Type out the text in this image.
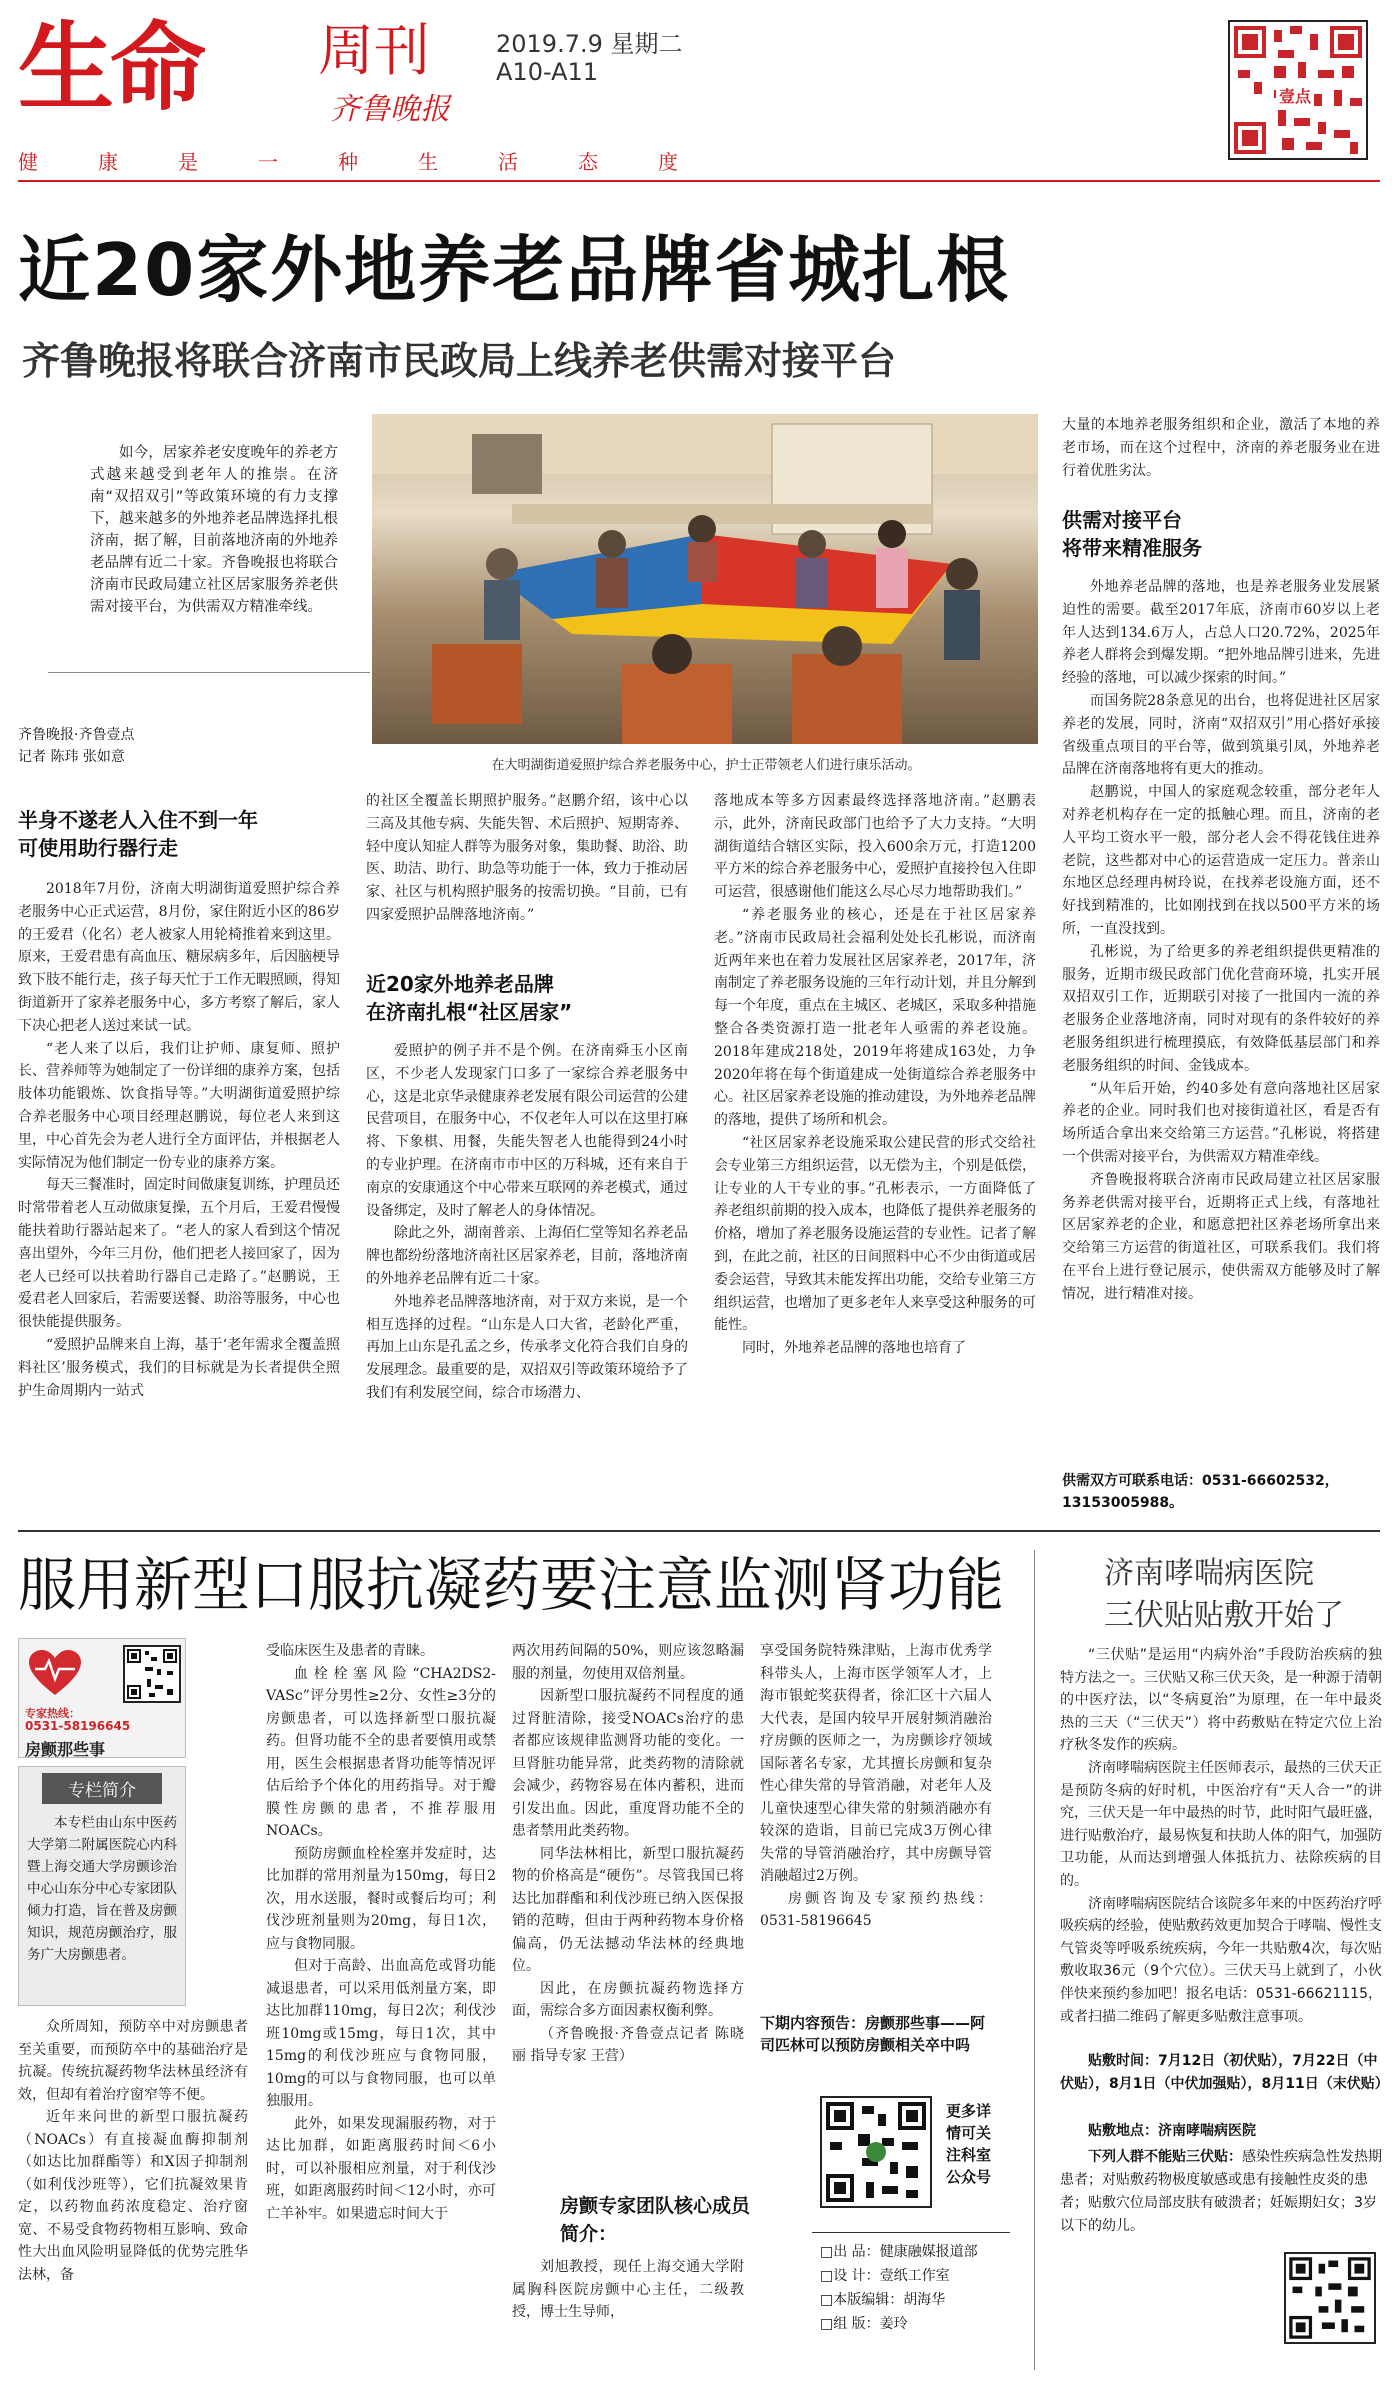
生命 周刊
齐鲁晚报
2019.7.9 星期二
A10-A11
健	康	是	一	种	生	活	态	度
壹点
近20家外地养老品牌省城扎根
齐鲁晚报将联合济南市民政局上线养老供需对接平台

如今，居家养老安度晚年的养老方式越来越受到老年人的推崇。在济南“双招双引”等政策环境的有力支撑下，越来越多的外地养老品牌选择扎根济南，据了解，目前落地济南的外地养老品牌有近二十家。齐鲁晚报也将联合济南市民政局建立社区居家服务养老供需对接平台，为供需双方精准牵线。

齐鲁晚报·齐鲁壹点
记者 陈玮 张如意
在大明湖街道爱照护综合养老服务中心，护士正带领老人们进行康乐活动。
半身不遂老人入住不到一年
可使用助行器行走

2018年7月份，济南大明湖街道爱照护综合养老服务中心正式运营，8月份，家住附近小区的86岁的王爱君（化名）老人被家人用轮椅推着来到这里。原来，王爱君患有高血压、糖尿病多年，后因脑梗导致下肢不能行走，孩子每天忙于工作无暇照顾，得知街道新开了家养老服务中心，多方考察了解后，家人下决心把老人送过来试一试。

“老人来了以后，我们让护师、康复师、照护长、营养师等为她制定了一份详细的康养方案，包括肢体功能锻炼、饮食指导等。”大明湖街道爱照护综合养老服务中心项目经理赵鹏说，每位老人来到这里，中心首先会为老人进行全方面评估，并根据老人实际情况为他们制定一份专业的康养方案。

每天三餐准时，固定时间做康复训练，护理员还时常带着老人互动做康复操，五个月后，王爱君慢慢能扶着助行器站起来了。“老人的家人看到这个情况喜出望外，今年三月份，他们把老人接回家了，因为老人已经可以扶着助行器自己走路了。”赵鹏说，王爱君老人回家后，若需要送餐、助浴等服务，中心也很快能提供服务。

“爱照护品牌来自上海，基于‘老年需求全覆盖照料社区’服务模式，我们的目标就是为长者提供全照护生命周期内一站式

的社区全覆盖长期照护服务。”赵鹏介绍，该中心以三高及其他专病、失能失智、术后照护、短期寄养、轻中度认知症人群等为服务对象，集助餐、助浴、助医、助洁、助行、助急等功能于一体，致力于推动居家、社区与机构照护服务的按需切换。“目前，已有四家爱照护品牌落地济南。”

近20家外地养老品牌
在济南扎根“社区居家”

爱照护的例子并不是个例。在济南舜玉小区南区，不少老人发现家门口多了一家综合养老服务中心，这是北京华录健康养老发展有限公司运营的公建民营项目，在服务中心，不仅老年人可以在这里打麻将、下象棋、用餐，失能失智老人也能得到24小时的专业护理。在济南市市中区的万科城，还有来自于南京的安康通这个中心带来互联网的养老模式，通过设备绑定，及时了解老人的身体情况。

除此之外，湖南普亲、上海佰仁堂等知名养老品牌也都纷纷落地济南社区居家养老，目前，落地济南的外地养老品牌有近二十家。

外地养老品牌落地济南，对于双方来说，是一个相互选择的过程。“山东是人口大省，老龄化严重，再加上山东是孔孟之乡，传承孝文化符合我们自身的发展理念。最重要的是，双招双引等政策环境给予了我们有利发展空间，综合市场潜力、

落地成本等多方因素最终选择落地济南。”赵鹏表示，此外，济南民政部门也给予了大力支持。“大明湖街道结合辖区实际，投入600余万元，打造1200平方米的综合养老服务中心，爱照护直接拎包入住即可运营，很感谢他们能这么尽心尽力地帮助我们。”

“养老服务业的核心，还是在于社区居家养老。”济南市民政局社会福利处处长孔彬说，而济南近两年来也在着力发展社区居家养老，2017年，济南制定了养老服务设施的三年行动计划，并且分解到每一个年度，重点在主城区、老城区，采取多种措施整合各类资源打造一批老年人亟需的养老设施。2018年建成218处，2019年将建成163处，力争2020年将在每个街道建成一处街道综合养老服务中心。社区居家养老设施的推动建设，为外地养老品牌的落地，提供了场所和机会。

“社区居家养老设施采取公建民营的形式交给社会专业第三方组织运营，以无偿为主，个别是低偿，让专业的人干专业的事。”孔彬表示，一方面降低了养老组织前期的投入成本，也降低了提供养老服务的价格，增加了养老服务设施运营的专业性。记者了解到，在此之前，社区的日间照料中心不少由街道或居委会运营，导致其未能发挥出功能，交给专业第三方组织运营，也增加了更多老年人来享受这种服务的可能性。

同时，外地养老品牌的落地也培育了

大量的本地养老服务组织和企业，激活了本地的养老市场，而在这个过程中，济南的养老服务业在进行着优胜劣汰。

供需对接平台
将带来精准服务

外地养老品牌的落地，也是养老服务业发展紧迫性的需要。截至2017年底，济南市60岁以上老年人达到134.6万人，占总人口20.72%，2025年养老人群将会到爆发期。“把外地品牌引进来，先进经验的落地，可以减少探索的时间。”

而国务院28条意见的出台，也将促进社区居家养老的发展，同时，济南“双招双引”用心搭好承接省级重点项目的平台等，做到筑巢引凤，外地养老品牌在济南落地将有更大的推动。

赵鹏说，中国人的家庭观念较重，部分老年人对养老机构存在一定的抵触心理。而且，济南的老人平均工资水平一般，部分老人会不得花钱住进养老院，这些都对中心的运营造成一定压力。普亲山东地区总经理冉树玲说，在找养老设施方面，还不好找到精准的，比如刚找到在找以500平方米的场所，一直没找到。

孔彬说，为了给更多的养老组织提供更精准的服务，近期市级民政部门优化营商环境，扎实开展双招双引工作，近期联引对接了一批国内一流的养老服务企业落地济南，同时对现有的条件较好的养老服务组织进行梳理摸底，有效降低基层部门和养老服务组织的时间、金钱成本。

“从年后开始，约40多处有意向落地社区居家养老的企业。同时我们也对接街道社区，看是否有场所适合拿出来交给第三方运营。”孔彬说，将搭建一个供需对接平台，为供需双方精准牵线。

齐鲁晚报将联合济南市民政局建立社区居家服务养老供需对接平台，近期将正式上线，有落地社区居家养老的企业，和愿意把社区养老场所拿出来交给第三方运营的街道社区，可联系我们。我们将在平台上进行登记展示，使供需双方能够及时了解情况，进行精准对接。

供需双方可联系电话：0531-66602532，13153005988。
服用新型口服抗凝药要注意监测肾功能
专家热线：
0531-58196645
房颤那些事
专栏简介

本专栏由山东中医药大学第二附属医院心内科暨上海交通大学房颤诊治中心山东分中心专家团队倾力打造，旨在普及房颤知识，规范房颤治疗，服务广大房颤患者。

众所周知，预防卒中对房颤患者至关重要，而预防卒中的基础治疗是抗凝。传统抗凝药物华法林虽经济有效，但却有着治疗窗窄等不便。

近年来问世的新型口服抗凝药（NOACs）有直接凝血酶抑制剂（如达比加群酯等）和X因子抑制剂（如利伐沙班等），它们抗凝效果肯定，以药物血药浓度稳定、治疗窗宽、不易受食物药物相互影响、致命性大出血风险明显降低的优势完胜华法林，备

受临床医生及患者的青睐。

血栓栓塞风险“CHA2DS2-VASc”评分男性≥2分、女性≥3分的房颤患者，可以选择新型口服抗凝药。但肾功能不全的患者要慎用或禁用，医生会根据患者肾功能等情况评估后给予个体化的用药指导。对于瓣膜性房颤的患者，不推荐服用NOACs。

预防房颤血栓栓塞并发症时，达比加群的常用剂量为150mg，每日2次，用水送服，餐时或餐后均可；利伐沙班剂量则为20mg，每日1次，应与食物同服。

但对于高龄、出血高危或肾功能减退患者，可以采用低剂量方案，即达比加群110mg，每日2次；利伐沙班10mg或15mg，每日1次，其中15mg的利伐沙班应与食物同服，10mg的可以与食物同服，也可以单独服用。

此外，如果发现漏服药物，对于达比加群，如距离服药时间＜6小时，可以补服相应剂量，对于利伐沙班，如距离服药时间＜12小时，亦可亡羊补牢。如果遗忘时间大于

两次用药间隔的50%，则应该忽略漏服的剂量，勿使用双倍剂量。

因新型口服抗凝药不同程度的通过肾脏清除，接受NOACs治疗的患者都应该规律监测肾功能的变化。一旦肾脏功能异常，此类药物的清除就会减少，药物容易在体内蓄积，进而引发出血。因此，重度肾功能不全的患者禁用此类药物。

同华法林相比，新型口服抗凝药物的价格高是“硬伤”。尽管我国已将达比加群酯和利伐沙班已纳入医保报销的范畴，但由于两种药物本身价格偏高，仍无法撼动华法林的经典地位。

因此，在房颤抗凝药物选择方面，需综合多方面因素权衡利弊。

（齐鲁晚报·齐鲁壹点记者 陈晓丽 指导专家 王营）

房颤专家团队核心成员简介：

刘旭教授，现任上海交通大学附属胸科医院房颤中心主任，二级教授，博士生导师，

享受国务院特殊津贴，上海市优秀学科带头人，上海市医学领军人才，上海市银蛇奖获得者，徐汇区十六届人大代表，是国内较早开展射频消融治疗房颤的医师之一，为房颤诊疗领域国际著名专家，尤其擅长房颤和复杂性心律失常的导管消融，对老年人及儿童快速型心律失常的射频消融亦有较深的造诣，目前已完成3万例心律失常的导管消融治疗，其中房颤导管消融超过2万例。

房颤咨询及专家预约热线：0531-58196645

下期内容预告：房颤那些事——阿司匹林可以预防房颤相关卒中吗
更多详情可关注科室公众号
□出 品：健康融媒报道部
□设 计：壹纸工作室
□本版编辑：胡海华
□组 版：姜玲
济南哮喘病医院
三伏贴贴敷开始了

“三伏贴”是运用“内病外治”手段防治疾病的独特方法之一。三伏贴又称三伏天灸，是一种源于清朝的中医疗法，以“冬病夏治”为原理，在一年中最炎热的三天（“三伏天”）将中药敷贴在特定穴位上治疗秋冬发作的疾病。

济南哮喘病医院主任医师表示，最热的三伏天正是预防冬病的好时机，中医治疗有“天人合一”的讲究，三伏天是一年中最热的时节，此时阳气最旺盛，进行贴敷治疗，最易恢复和扶助人体的阳气，加强防卫功能，从而达到增强人体抵抗力、祛除疾病的目的。

济南哮喘病医院结合该院多年来的中医药治疗呼吸疾病的经验，使贴敷药效更加契合于哮喘、慢性支气管炎等呼吸系统疾病，今年一共贴敷4次，每次贴敷收取36元（9个穴位）。三伏天马上就到了，小伙伴快来预约参加吧！报名电话：0531-66621115，或者扫描二维码了解更多贴敷注意事项。

贴敷时间：7月12日（初伏贴），7月22日（中伏贴），8月1日（中伏加强贴），8月11日（末伏贴）
贴敷地点：济南哮喘病医院
下列人群不能贴三伏贴：感染性疾病急性发热期患者；对贴敷药物极度敏感或患有接触性皮炎的患者；贴敷穴位局部皮肤有破溃者；妊娠期妇女；3岁以下的幼儿。
